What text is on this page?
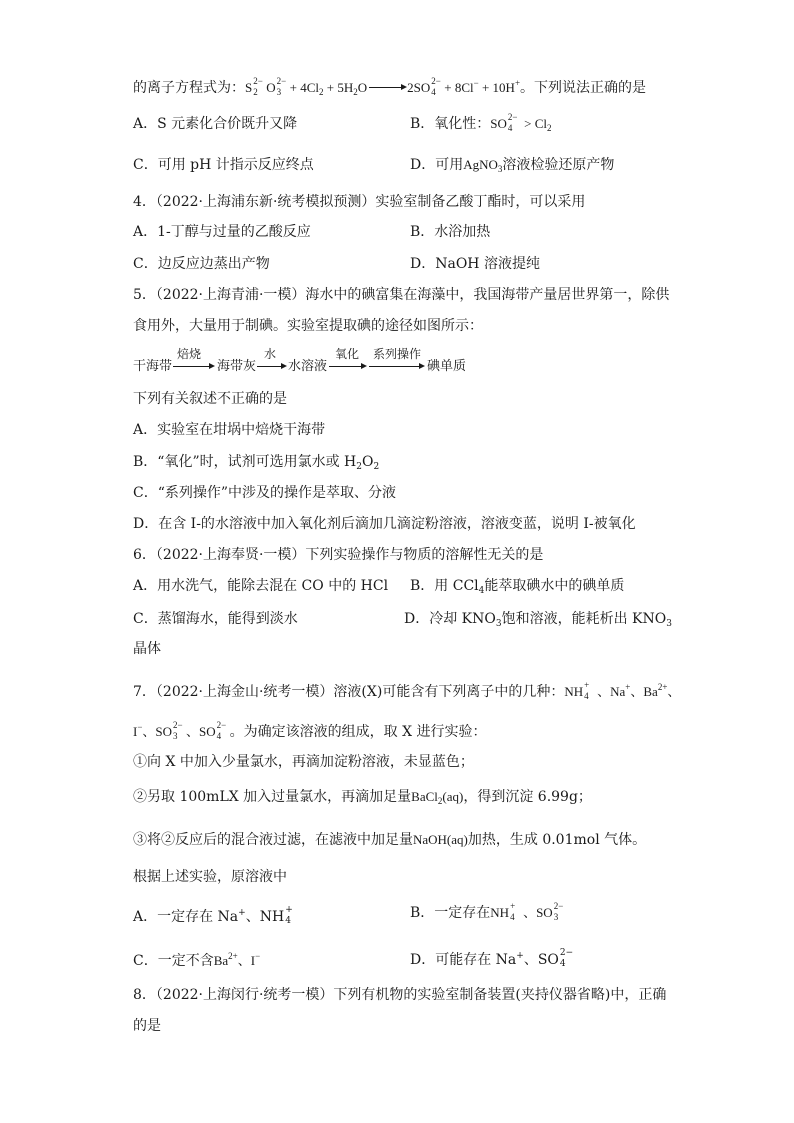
的离子方程式为：S 2−
2 O 2−
$3 + 4Cl_2 + 5H_2O \to 2SO$ 2−
4 + 8Cl− + 10H+。下列说法正确的是
A．S 元素化合价既升又降	B．氧化性：SO 2−
$4 > Cl_2$
C．可用 pH 计指示反应终点	D．可用AgNO$_3$溶液检验还原产物
4．（2022·上海浦东新·统考模拟预测）实验室制备乙酸丁酯时，可以采用
A．1-丁醇与过量的乙酸反应	B．水浴加热
C．边反应边蒸出产物	D．NaOH 溶液提纯
5．（2022·上海青浦·一模）海水中的碘富集在海藻中，我国海带产量居世界第一，除供
食用外，大量用于制碘。实验室提取碘的途径如图所示：
干海带
焙烧
海带灰
水
水溶液
氧化 系列操作
碘单质
下列有关叙述不正确的是
A．实验室在坩埚中焙烧干海带
B．“氧化”时，试剂可选用氯水或 $H_2O_2$
C．“系列操作”中涉及的操作是萃取、分液
D．在含 I-的水溶液中加入氧化剂后滴加几滴淀粉溶液，溶液变蓝，说明 I-被氧化
6．（2022·上海奉贤·一模）下列实验操作与物质的溶解性无关的是
A．用水洗气，能除去混在 CO 中的 HCl B．用 CCl$_4$能萃取碘水中的碘单质
C．蒸馏海水，能得到淡水	D．冷却 $KNO_3$饱和溶液，能耗析出 $KNO_3$
晶体
7．（2022·上海金山·统考一模）溶液(X)可能含有下列离子中的几种：NH +
4 、Na+、$Ba^{2+}$、
I−、SO 2−
3 、SO 2−
4 。为确定该溶液的组成，取 X 进行实验：
①向 X 中加入少量氯水，再滴加淀粉溶液，未显蓝色；
②另取 100mLX 加入过量氯水，再滴加足量BaCl$_2$(aq)，得到沉淀 6.99g；
③将②反应后的混合液过滤，在滤液中加足量NaOH(aq)加热，生成 0.01mol 气体。
根据上述实验，原溶液中
A．一定存在 Na+、NH +
4	B．一定存在NH +
4 、SO 2−
3
C．一定不含$Ba^{2+}$、I−	D．可能存在 Na+、SO 2−
4
8．（2022·上海闵行·统考一模）下列有机物的实验室制备装置(夹持仪器省略)中，正确
的是
